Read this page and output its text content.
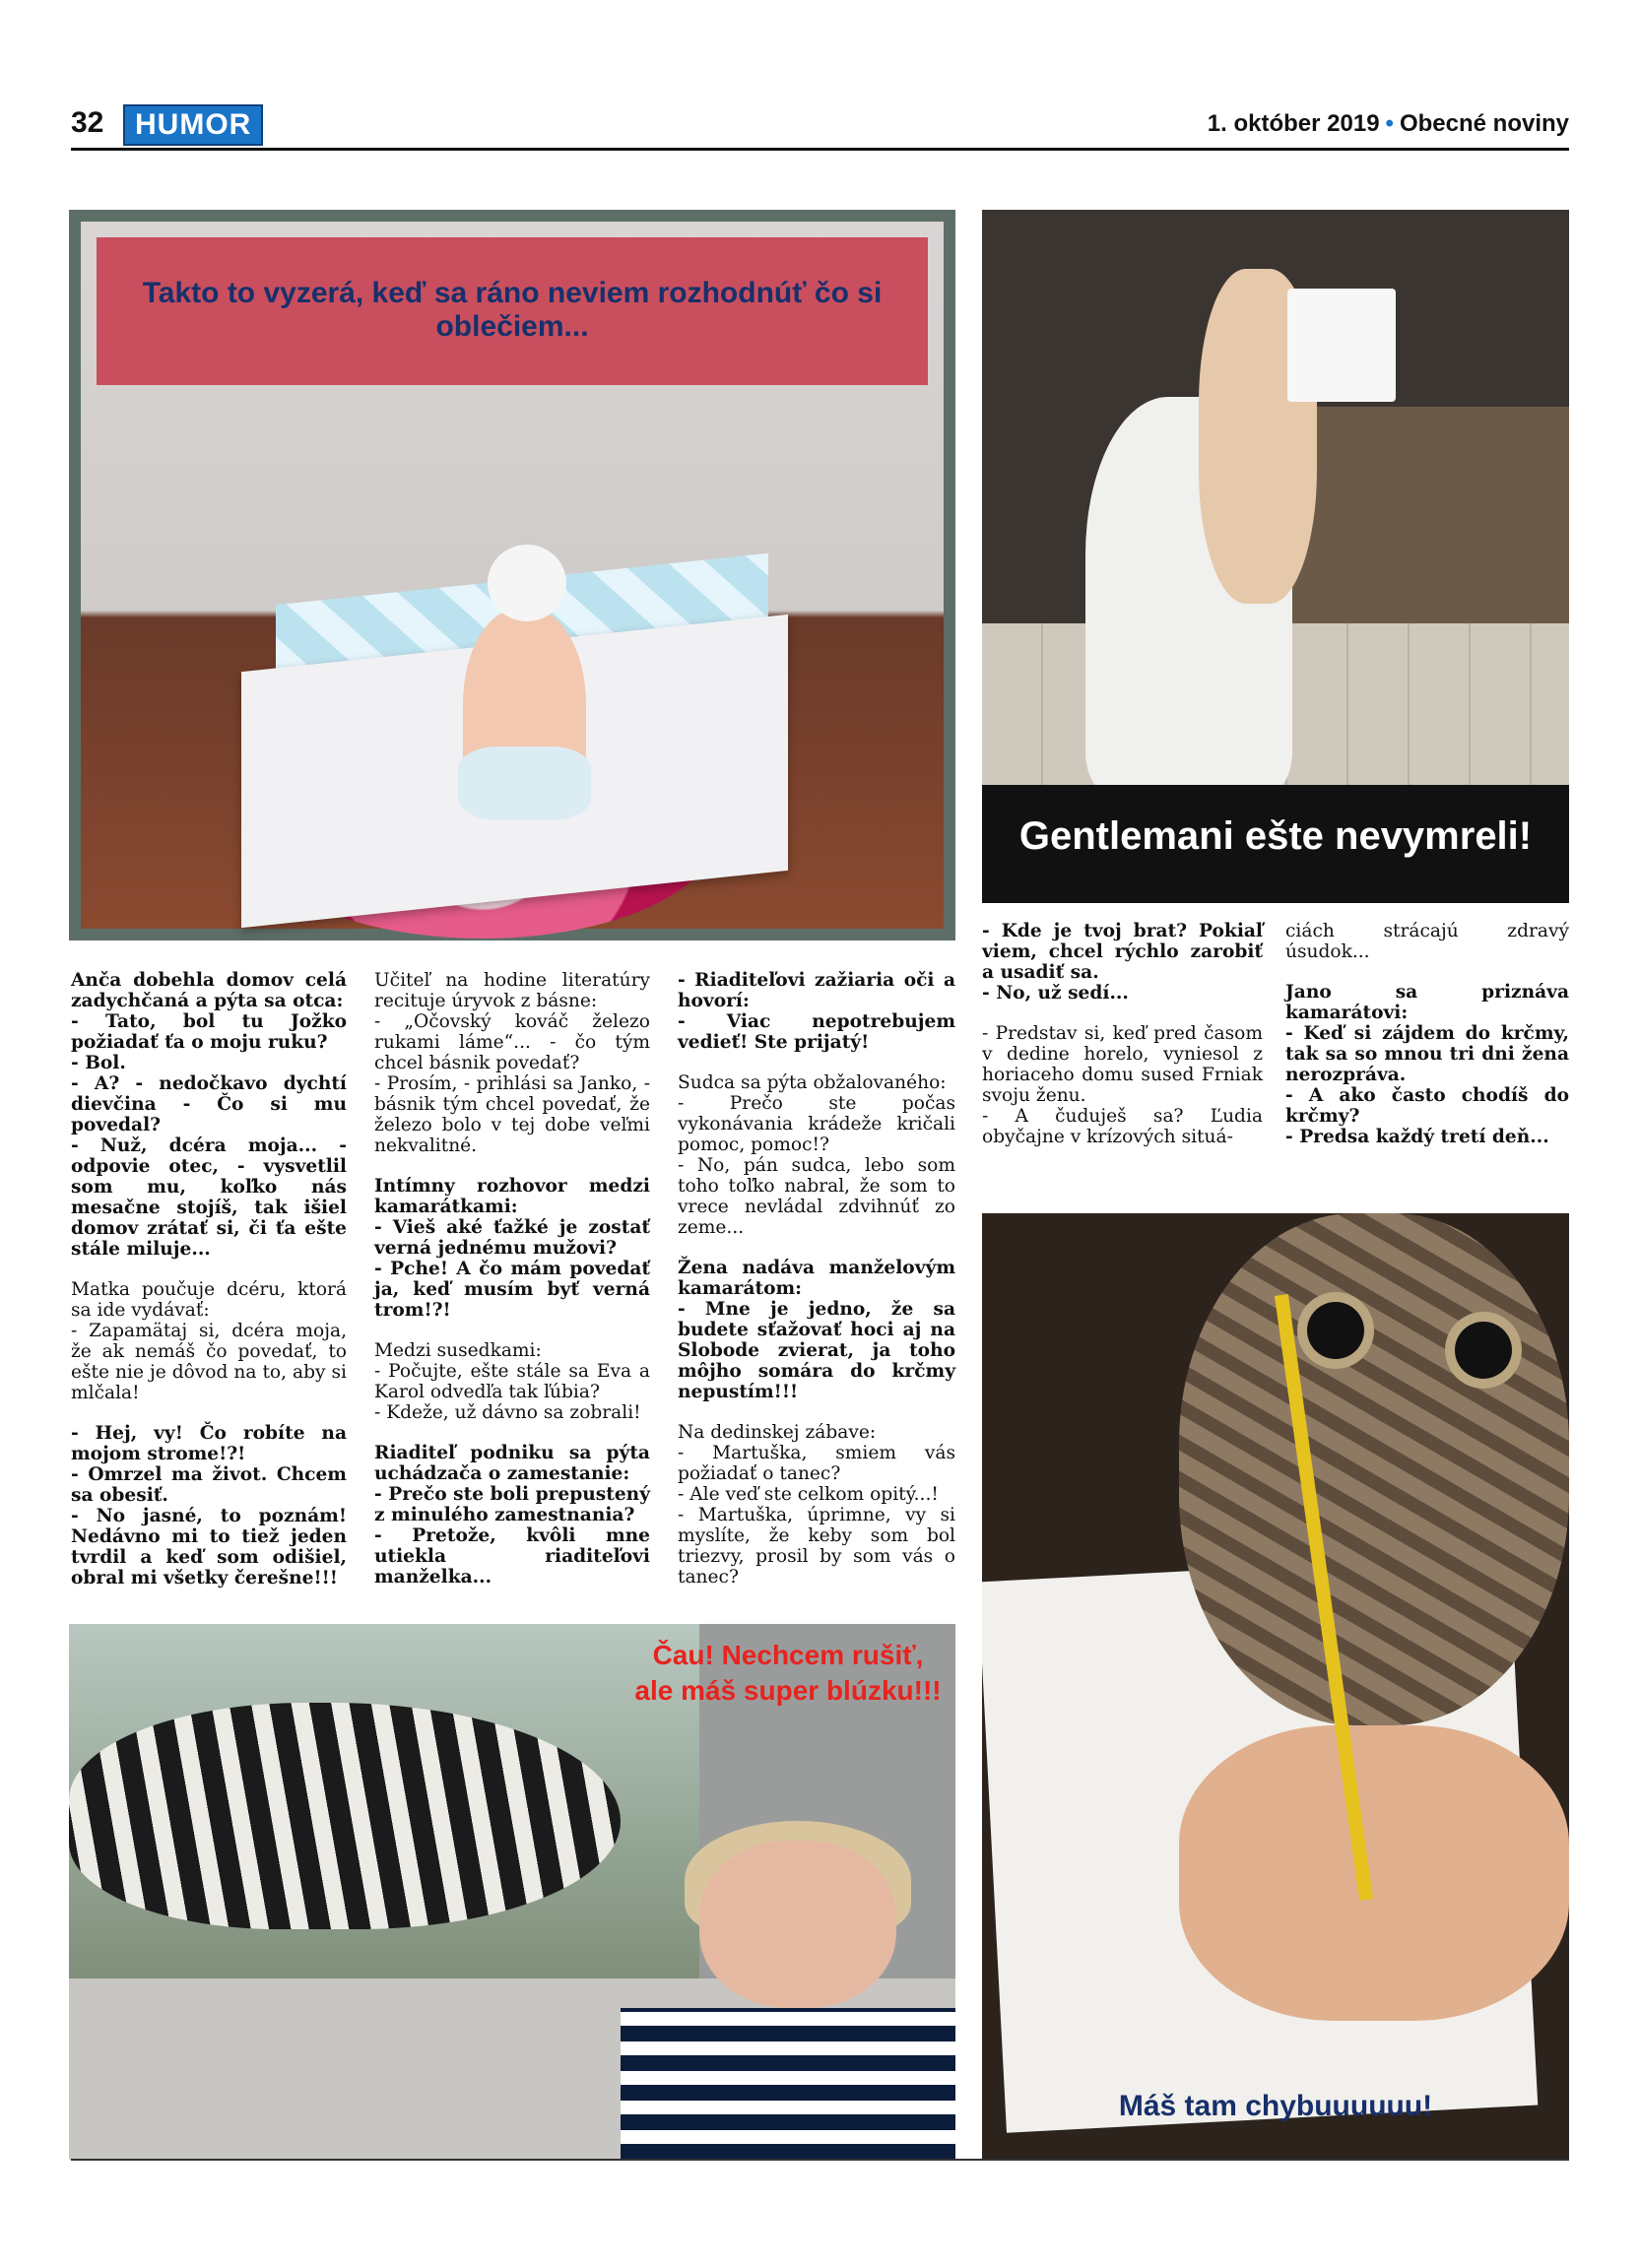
32	HUMOR	1. október 2019 • Obecné noviny
Takto to vyzerá, keď sa ráno neviem rozhodnúť čo si oblečiem...
Gentlemani ešte nevymreli!

Anča dobehla domov celá zadychčaná a pýta sa otca:
- Tato, bol tu Jožko požiadať ťa o moju ruku?
- Bol.
- A? - nedočkavo dychtí dievčina - Čo si mu povedal?
- Nuž, dcéra moja... - odpovie otec, - vysvetlil som mu, koľko nás mesačne stojíš, tak išiel domov zrátať si, či ťa ešte stále miluje...

Matka poučuje dcéru, ktorá sa ide vydávať:
- Zapamätaj si, dcéra moja, že ak nemáš čo povedať, to ešte nie je dôvod na to, aby si mlčala!

- Hej, vy! Čo robíte na mojom strome!?!
- Omrzel ma život. Chcem sa obesiť.
- No jasné, to poznám! Nedávno mi to tiež jeden tvrdil a keď som odišiel, obral mi všetky čerešne!!!

Učiteľ na hodine literatúry recituje úryvok z básne:
- „Očovský kováč železo rukami láme“... - čo tým chcel básnik povedať?
- Prosím, - prihlási sa Janko, - básnik tým chcel povedať, že železo bolo v tej dobe veľmi nekvalitné.

Intímny rozhovor medzi kamarátkami:
- Vieš aké ťažké je zostať verná jednému mužovi?
- Pche! A čo mám povedať ja, keď musím byť verná trom!?!

Medzi susedkami:
- Počujte, ešte stále sa Eva a Karol odvedľa tak ľúbia?
- Kdeže, už dávno sa zobrali!

Riaditeľ podniku sa pýta uchádzača o zamestanie:
- Prečo ste boli prepustený z minulého zamestnania?
- Pretože, kvôli mne utiekla riaditeľovi manželka...

- Riaditeľovi zažiaria oči a hovorí:
- Viac nepotrebujem vedieť! Ste prijatý!

Sudca sa pýta obžalovaného:
- Prečo ste počas vykonávania krádeže kričali pomoc, pomoc!?
- No, pán sudca, lebo som toho toľko nabral, že som to vrece nevládal zdvihnúť zo zeme...

Žena nadáva manželovým kamarátom:
- Mne je jedno, že sa budete sťažovať hoci aj na Slobode zvierat, ja toho môjho somára do krčmy nepustím!!!

Na dedinskej zábave:
- Martuška, smiem vás požiadať o tanec?
- Ale veď ste celkom opitý...!
- Martuška, úprimne, vy si myslíte, že keby som bol triezvy, prosil by som vás o tanec?

- Kde je tvoj brat? Pokiaľ viem, chcel rýchlo zarobiť a usadiť sa.
- No, už sedí...

- Predstav si, keď pred časom v dedine horelo, vyniesol z horiaceho domu sused Frniak svoju ženu.
- A čuduješ sa? Ľudia obyčajne v krízových situá-

ciách strácajú zdravý úsudok...

Jano sa priznáva kamarátovi:
- Keď si zájdem do krčmy, tak sa so mnou tri dni žena nerozpráva.
- A ako často chodíš do krčmy?
- Predsa každý tretí deň...

Čau! Nechcem rušiť,
ale máš super blúzku!!!
Máš tam chybuuuuuu!
